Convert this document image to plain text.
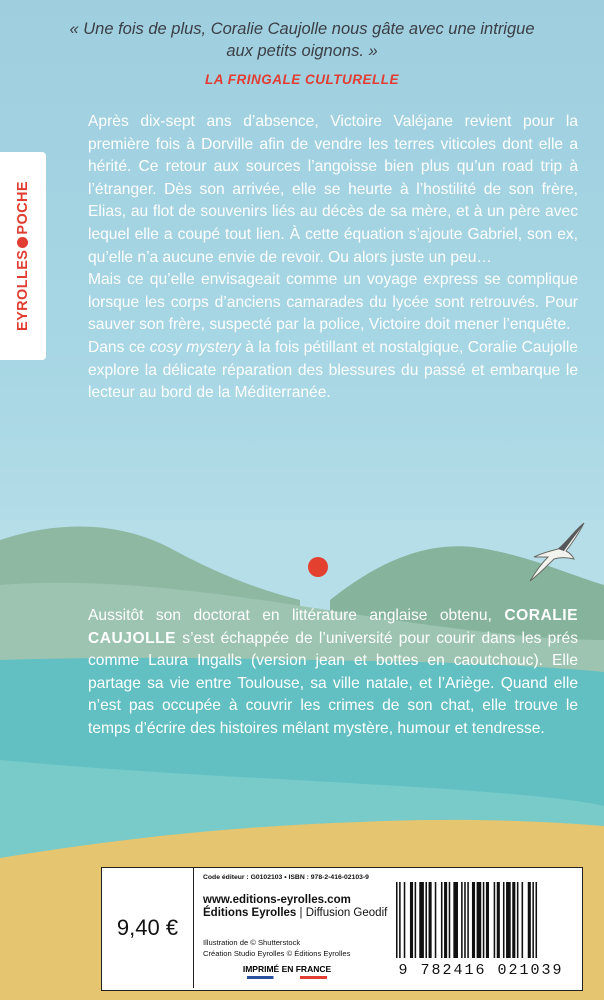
« Une fois de plus, Coralie Caujolle nous gâte avec une intrigue aux petits oignons. »
LA FRINGALE CULTURELLE
EYROLLESPOCHE

Après dix-sept ans d’absence, Victoire Valéjane revient pour la première fois à Dorville afin de vendre les terres viticoles dont elle a hérité. Ce retour aux sources l’angoisse bien plus qu’un road trip à l’étranger. Dès son arrivée, elle se heurte à l’hostilité de son frère, Elias, au flot de souvenirs liés au décès de sa mère, et à un père avec lequel elle a coupé tout lien. À cette équation s’ajoute Gabriel, son ex, qu’elle n’a aucune envie de revoir. Ou alors juste un peu…

Mais ce qu’elle envisageait comme un voyage express se complique lorsque les corps d’anciens camarades du lycée sont retrouvés. Pour sauver son frère, suspecté par la police, Victoire doit mener l’enquête.

Dans ce cosy mystery à la fois pétillant et nostalgique, Coralie Caujolle explore la délicate réparation des blessures du passé et embarque le lecteur au bord de la Méditerranée.

Aussitôt son doctorat en littérature anglaise obtenu, CORALIE CAUJOLLE s’est échappée de l’université pour courir dans les prés comme Laura Ingalls (version jean et bottes en caoutchouc). Elle partage sa vie entre Toulouse, sa ville natale, et l’Ariège. Quand elle n’est pas occupée à couvrir les crimes de son chat, elle trouve le temps d’écrire des histoires mêlant mystère, humour et tendresse.

9,40 €
Code éditeur : G0102103 • ISBN : 978-2-416-02103-9
www.editions-eyrolles.com
Éditions Eyrolles | Diffusion Geodif
Illustration de © Shutterstock
Création Studio Eyrolles © Éditions Eyrolles
IMPRIMÉ EN FRANCE	9 782416 021039
